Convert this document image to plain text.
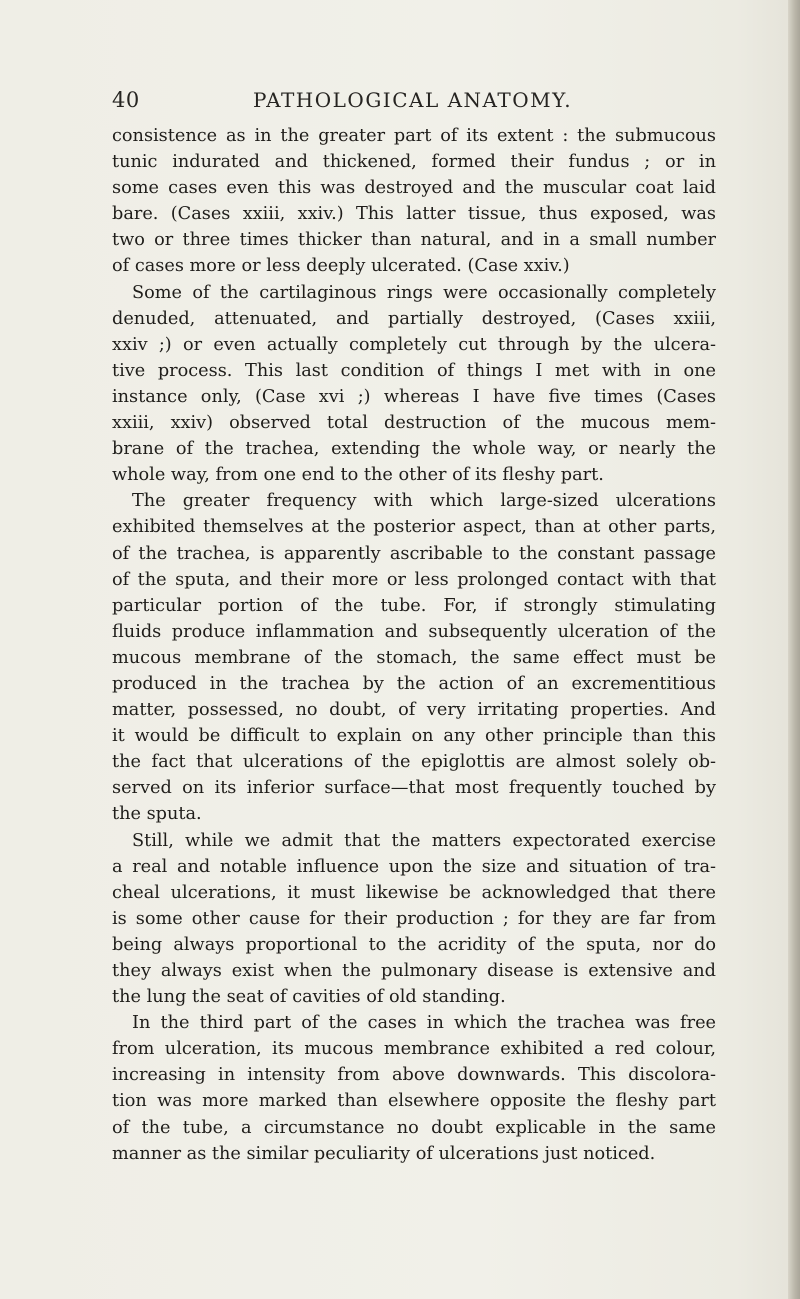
40	PATHOLOGICAL ANATOMY.
consistence as in the greater part of its extent : the submucous
tunic indurated and thickened, formed their fundus ; or in
some cases even this was destroyed and the muscular coat laid
bare. (Cases xxiii, xxiv.) This latter tissue, thus exposed, was
two or three times thicker than natural, and in a small number
of cases more or less deeply ulcerated. (Case xxiv.)
Some of the cartilaginous rings were occasionally completely
denuded, attenuated, and partially destroyed, (Cases xxiii,
xxiv ;) or even actually completely cut through by the ulcera-
tive process. This last condition of things I met with in one
instance only, (Case xvi ;) whereas I have five times (Cases
xxiii, xxiv) observed total destruction of the mucous mem-
brane of the trachea, extending the whole way, or nearly the
whole way, from one end to the other of its fleshy part.
The greater frequency with which large-sized ulcerations
exhibited themselves at the posterior aspect, than at other parts,
of the trachea, is apparently ascribable to the constant passage
of the sputa, and their more or less prolonged contact with that
particular portion of the tube. For, if strongly stimulating
fluids produce inflammation and subsequently ulceration of the
mucous membrane of the stomach, the same effect must be
produced in the trachea by the action of an excrementitious
matter, possessed, no doubt, of very irritating properties. And
it would be difficult to explain on any other principle than this
the fact that ulcerations of the epiglottis are almost solely ob-
served on its inferior surface—that most frequently touched by
the sputa.
Still, while we admit that the matters expectorated exercise
a real and notable influence upon the size and situation of tra-
cheal ulcerations, it must likewise be acknowledged that there
is some other cause for their production ; for they are far from
being always proportional to the acridity of the sputa, nor do
they always exist when the pulmonary disease is extensive and
the lung the seat of cavities of old standing.
In the third part of the cases in which the trachea was free
from ulceration, its mucous membrance exhibited a red colour,
increasing in intensity from above downwards. This discolora-
tion was more marked than elsewhere opposite the fleshy part
of the tube, a circumstance no doubt explicable in the same
manner as the similar peculiarity of ulcerations just noticed.
